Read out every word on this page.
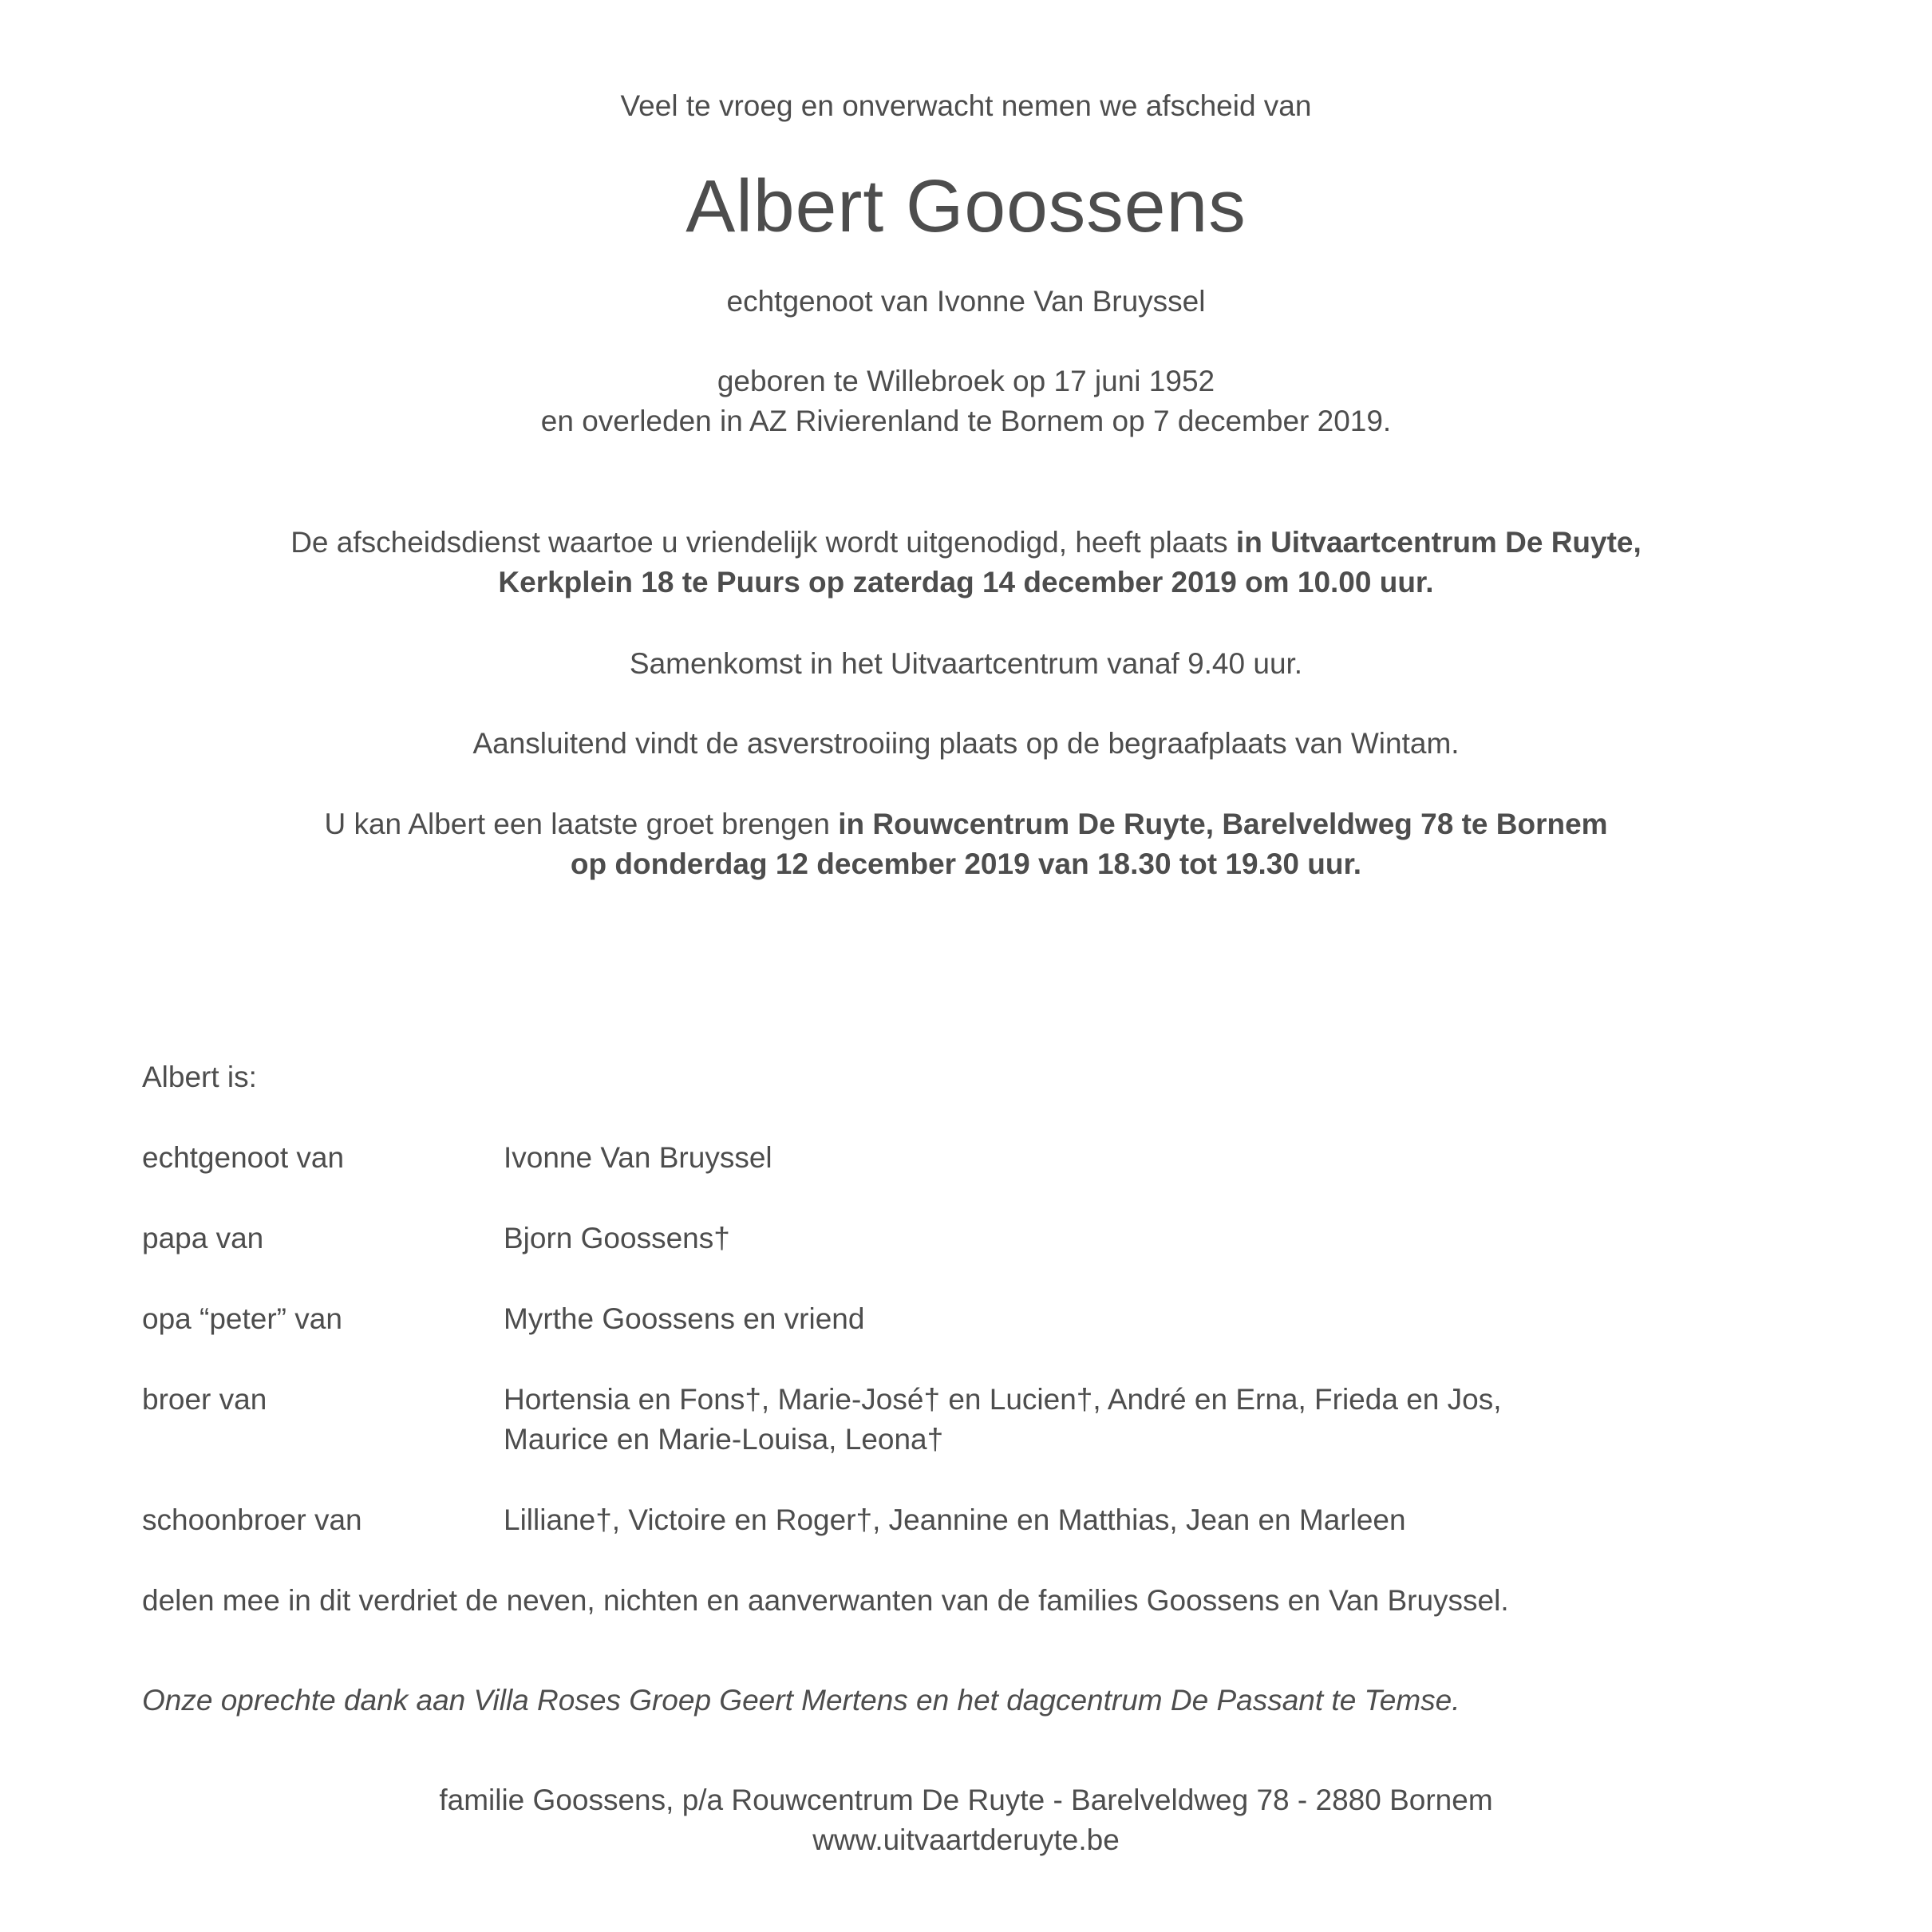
Veel te vroeg en onverwacht nemen we afscheid van
Albert Goossens
echtgenoot van Ivonne Van Bruyssel
geboren te Willebroek op 17 juni 1952
en overleden in AZ Rivierenland te Bornem op 7 december 2019.
De afscheidsdienst waartoe u vriendelijk wordt uitgenodigd, heeft plaats in Uitvaartcentrum De Ruyte,
Kerkplein 18 te Puurs op zaterdag 14 december 2019 om 10.00 uur.
Samenkomst in het Uitvaartcentrum vanaf 9.40 uur.
Aansluitend vindt de asverstrooiing plaats op de begraafplaats van Wintam.
U kan Albert een laatste groet brengen in Rouwcentrum De Ruyte, Barelveldweg 78 te Bornem
op donderdag 12 december 2019 van 18.30 tot 19.30 uur.
Albert is:
echtgenoot van	Ivonne Van Bruyssel
papa van	Bjorn Goossens†
opa “peter” van	Myrthe Goossens en vriend
broer van	Hortensia en Fons†, Marie-José† en Lucien†, André en Erna, Frieda en Jos,
Maurice en Marie-Louisa, Leona†
schoonbroer van	Lilliane†, Victoire en Roger†, Jeannine en Matthias, Jean en Marleen
delen mee in dit verdriet de neven, nichten en aanverwanten van de families Goossens en Van Bruyssel.
Onze oprechte dank aan Villa Roses Groep Geert Mertens en het dagcentrum De Passant te Temse.
familie Goossens, p/a Rouwcentrum De Ruyte - Barelveldweg 78 - 2880 Bornem
www.uitvaartderuyte.be
